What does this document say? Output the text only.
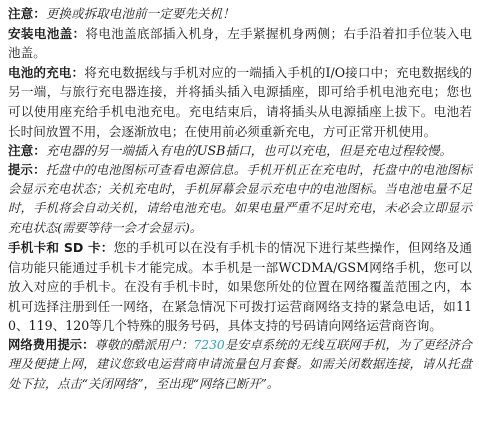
注意：更换或拆取电池前一定要先关机！

安装电池盖：将电池盖底部插入机身，左手紧握机身两侧；右手沿着扣手位装入电池盖。

电池的充电：将充电数据线与手机对应的一端插入手机的I/O接口中；充电数据线的另一端，与旅行充电器连接，并将插头插入电源插座，即可给手机电池充电；您也可以使用座充给手机电池充电。充电结束后，请将插头从电源插座上拔下。电池若长时间放置不用，会逐渐放电；在使用前必须重新充电，方可正常开机使用。

注意：充电器的另一端插入有电的USB插口，也可以充电，但是充电过程较慢。

提示：托盘中的电池图标可查看电源信息。手机开机正在充电时，托盘中的电池图标会显示充电状态；关机充电时，手机屏幕会显示充电中的电池图标。当电池电量不足时，手机将会自动关机，请给电池充电。如果电量严重不足时充电，未必会立即显示充电状态(需要等待一会才会显示)。

手机卡和 SD 卡：您的手机可以在没有手机卡的情况下进行某些操作，但网络及通信功能只能通过手机卡才能完成。本手机是一部WCDMA/GSM网络手机，您可以放入对应的手机卡。在没有手机卡时，如果您所处的位置在网络覆盖范围之内，本机可选择注册到任一网络，在紧急情况下可拨打运营商网络支持的紧急电话，如110、119、120等几个特殊的服务号码，具体支持的号码请向网络运营商咨询。

网络费用提示：尊敬的酷派用户：7230是安卓系统的无线互联网手机，为了更经济合理及便捷上网，建议您致电运营商申请流量包月套餐。如需关闭数据连接，请从托盘处下拉，点击“关闭网络”，至出现“网络已断开”。
